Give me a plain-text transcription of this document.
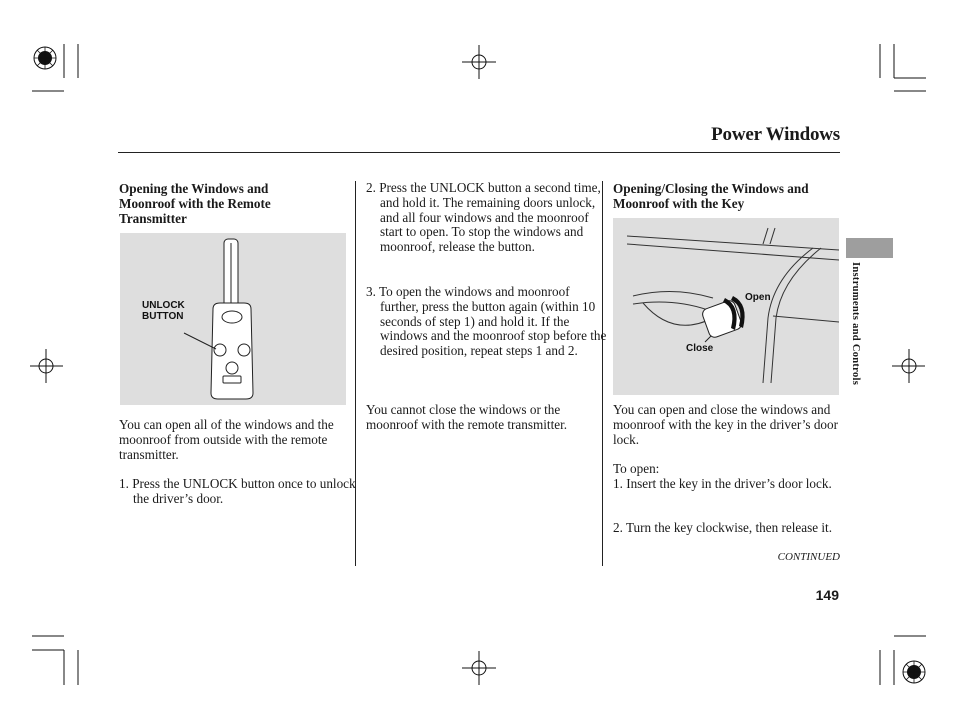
Power Windows
Opening the Windows and Moonroof with the Remote Transmitter
UNLOCK
BUTTON
You can open all of the windows and the moonroof from outside with the remote transmitter.
1. Press the UNLOCK button once to unlock the driver’s door.
2. Press the UNLOCK button a second time, and hold it. The remaining doors unlock, and all four windows and the moonroof start to open. To stop the windows and moonroof, release the button.
3. To open the windows and moonroof further, press the button again (within 10 seconds of step 1) and hold it. If the windows and the moonroof stop before the desired position, repeat steps 1 and 2.
You cannot close the windows or the moonroof with the remote transmitter.
Opening/Closing the Windows and Moonroof with the Key
Open
Close
You can open and close the windows and moonroof with the key in the driver’s door lock.
To open:
1. Insert the key in the driver’s door lock.
2. Turn the key clockwise, then release it.
CONTINUED
149
Instruments and Controls
